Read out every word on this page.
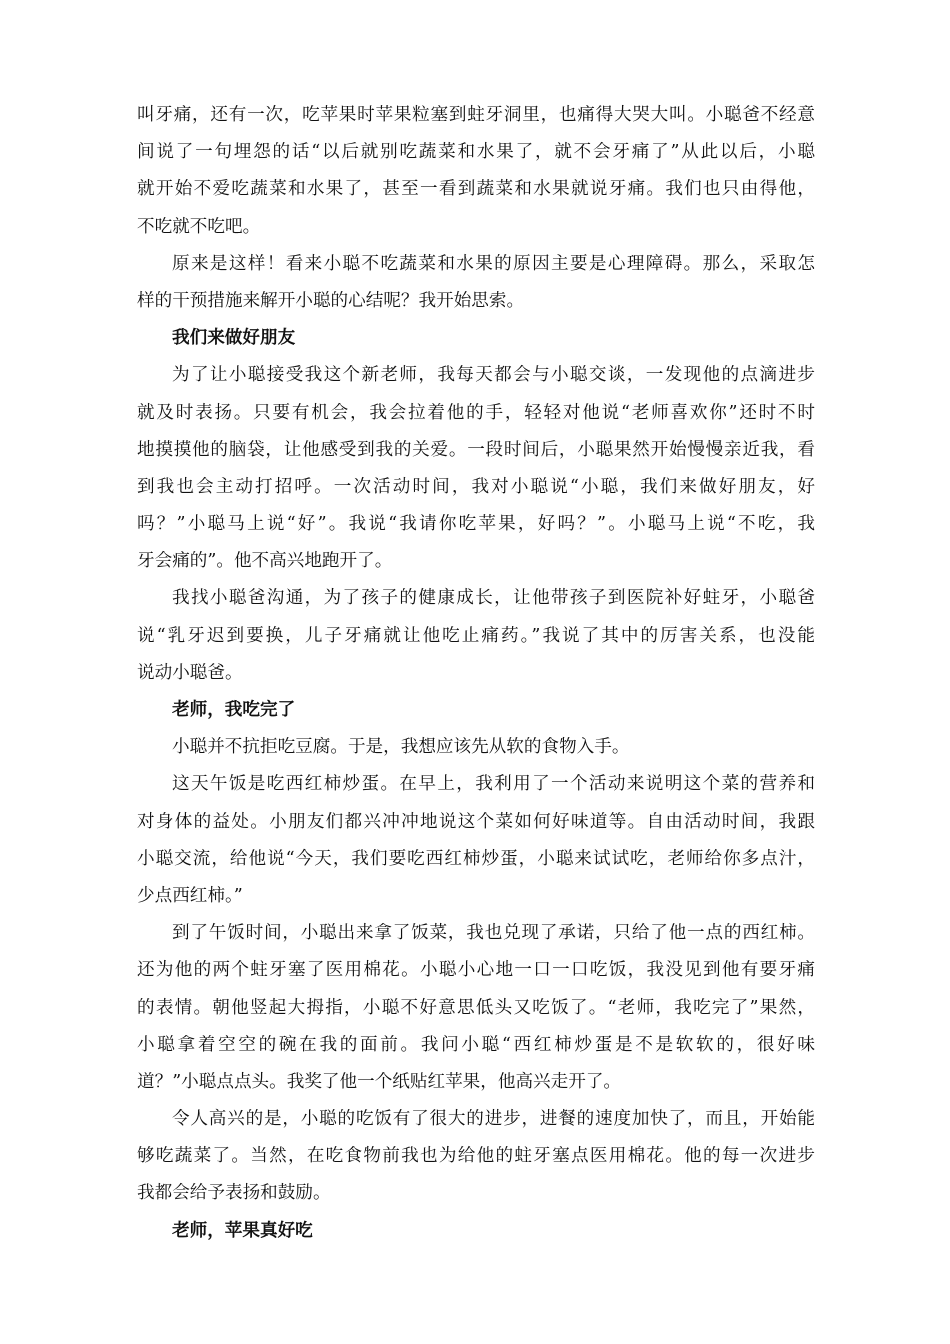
叫牙痛，还有一次，吃苹果时苹果粒塞到蛀牙洞里，也痛得大哭大叫。小聪爸不经意
间说了一句埋怨的话“以后就别吃蔬菜和水果了，就不会牙痛了”从此以后，小聪
就开始不爱吃蔬菜和水果了，甚至一看到蔬菜和水果就说牙痛。我们也只由得他，
不吃就不吃吧。
原来是这样！看来小聪不吃蔬菜和水果的原因主要是心理障碍。那么，采取怎
样的干预措施来解开小聪的心结呢？我开始思索。
我们来做好朋友
为了让小聪接受我这个新老师，我每天都会与小聪交谈，一发现他的点滴进步
就及时表扬。只要有机会，我会拉着他的手，轻轻对他说“老师喜欢你”还时不时
地摸摸他的脑袋，让他感受到我的关爱。一段时间后，小聪果然开始慢慢亲近我，看
到我也会主动打招呼。一次活动时间，我对小聪说“小聪，我们来做好朋友，好
吗？”小聪马上说“好”。我说“我请你吃苹果，好吗？”。小聪马上说“不吃，我
牙会痛的”。他不高兴地跑开了。
我找小聪爸沟通，为了孩子的健康成长，让他带孩子到医院补好蛀牙，小聪爸
说“乳牙迟到要换，儿子牙痛就让他吃止痛药。”我说了其中的厉害关系，也没能
说动小聪爸。
老师，我吃完了
小聪并不抗拒吃豆腐。于是，我想应该先从软的食物入手。
这天午饭是吃西红柿炒蛋。在早上，我利用了一个活动来说明这个菜的营养和
对身体的益处。小朋友们都兴冲冲地说这个菜如何好味道等。自由活动时间，我跟
小聪交流，给他说“今天，我们要吃西红柿炒蛋，小聪来试试吃，老师给你多点汁，
少点西红柿。”
到了午饭时间，小聪出来拿了饭菜，我也兑现了承诺，只给了他一点的西红柿。
还为他的两个蛀牙塞了医用棉花。小聪小心地一口一口吃饭，我没见到他有要牙痛
的表情。朝他竖起大拇指，小聪不好意思低头又吃饭了。“老师，我吃完了”果然，
小聪拿着空空的碗在我的面前。我问小聪“西红柿炒蛋是不是软软的，很好味
道？”小聪点点头。我奖了他一个纸贴红苹果，他高兴走开了。
令人高兴的是，小聪的吃饭有了很大的进步，进餐的速度加快了，而且，开始能
够吃蔬菜了。当然，在吃食物前我也为给他的蛀牙塞点医用棉花。他的每一次进步
我都会给予表扬和鼓励。
老师，苹果真好吃
